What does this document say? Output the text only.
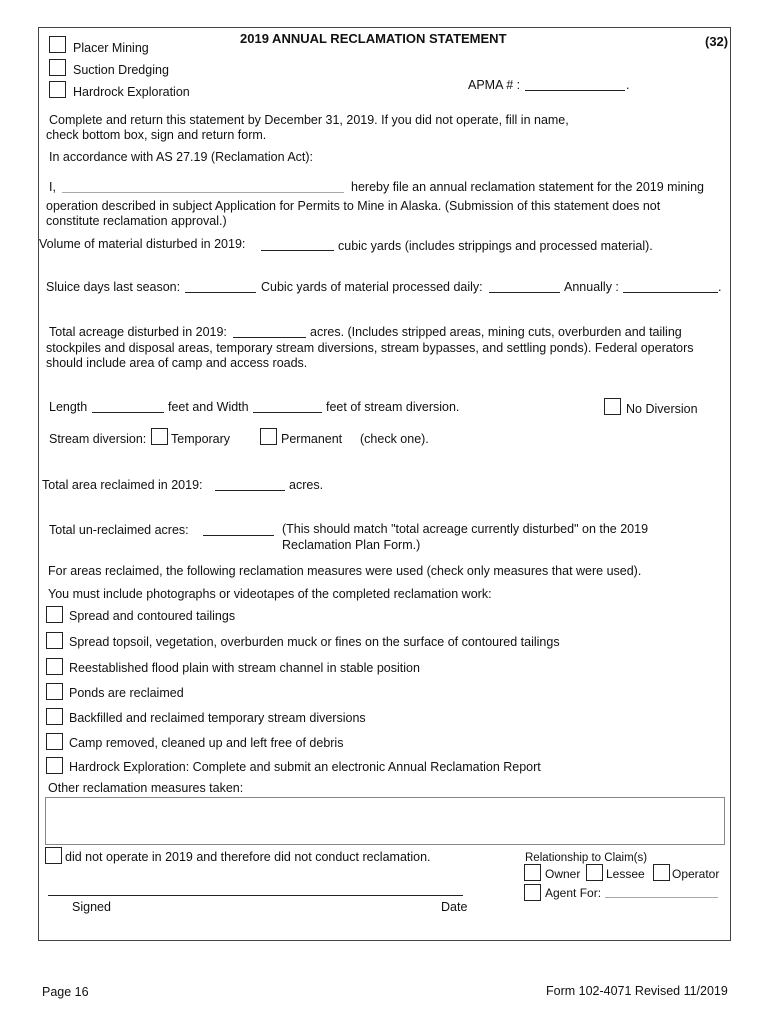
Placer Mining
Suction Dredging
Hardrock Exploration
2019 ANNUAL RECLAMATION STATEMENT	(32)
APMA # :	.
Complete and return this statement by December 31, 2019. If you did not operate, fill in name,
check bottom box, sign and return form.
In accordance with AS 27.19 (Reclamation Act):
I,	hereby file an annual reclamation statement for the 2019 mining
operation described in subject Application for Permits to Mine in Alaska. (Submission of this statement does not
constitute reclamation approval.)
Volume of material disturbed in 2019:	cubic yards (includes strippings and processed material).
Sluice days last season:	Cubic yards of material processed daily:	Annually :	.
Total acreage disturbed in 2019:	acres. (Includes stripped areas, mining cuts, overburden and tailing
stockpiles and disposal areas, temporary stream diversions, stream bypasses, and settling ponds). Federal operators
should include area of camp and access roads.
Length	feet and Width	feet of stream diversion.	No Diversion
Stream diversion: Temporary	Permanent (check one).
Total area reclaimed in 2019:	acres.
Total un-reclaimed acres:	(This should match "total acreage currently disturbed" on the 2019
Reclamation Plan Form.)
For areas reclaimed, the following reclamation measures were used (check only measures that were used).
You must include photographs or videotapes of the completed reclamation work:
Spread and contoured tailings
Spread topsoil, vegetation, overburden muck or fines on the surface of contoured tailings
Reestablished flood plain with stream channel in stable position
Ponds are reclaimed
Backfilled and reclaimed temporary stream diversions
Camp removed, cleaned up and left free of debris
Hardrock Exploration: Complete and submit an electronic Annual Reclamation Report
Other reclamation measures taken:
did not operate in 2019 and therefore did not conduct reclamation.	Relationship to Claim(s)
Owner Lessee Operator
Agent For:
Signed	Date
Page 16	Form 102-4071 Revised 11/2019
